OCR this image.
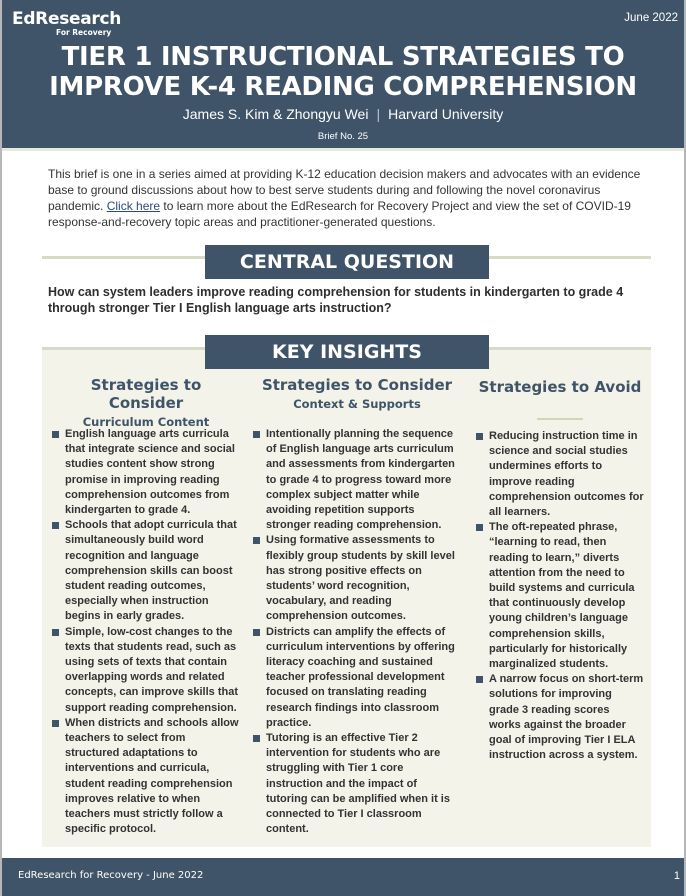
EdResearch
For Recovery
June 2022
TIER 1 INSTRUCTIONAL STRATEGIES TO
IMPROVE K-4 READING COMPREHENSION
James S. Kim & Zhongyu Wei | Harvard University
Brief No. 25
This brief is one in a series aimed at providing K-12 education decision makers and advocates with an evidence base to ground discussions about how to best serve students during and following the novel coronavirus pandemic. Click here to learn more about the EdResearch for Recovery Project and view the set of COVID-19 response-and-recovery topic areas and practitioner-generated questions.
CENTRAL QUESTION
How can system leaders improve reading comprehension for students in kindergarten to grade 4 through stronger Tier I English language arts instruction?
KEY INSIGHTS
Strategies to Consider
Curriculum Content
English language arts curricula that integrate science and social studies content show strong promise in improving reading comprehension outcomes from kindergarten to grade 4.
Schools that adopt curricula that simultaneously build word recognition and language comprehension skills can boost student reading outcomes, especially when instruction begins in early grades.
Simple, low-cost changes to the texts that students read, such as using sets of texts that contain overlapping words and related concepts, can improve skills that support reading comprehension.
When districts and schools allow teachers to select from structured adaptations to interventions and curricula, student reading comprehension improves relative to when teachers must strictly follow a specific protocol.
Strategies to Consider
Context & Supports
Intentionally planning the sequence of English language arts curriculum and assessments from kindergarten to grade 4 to progress toward more complex subject matter while avoiding repetition supports stronger reading comprehension.
Using formative assessments to flexibly group students by skill level has strong positive effects on students’ word recognition, vocabulary, and reading comprehension outcomes.
Districts can amplify the effects of curriculum interventions by offering literacy coaching and sustained teacher professional development focused on translating reading research findings into classroom practice.
Tutoring is an effective Tier 2 intervention for students who are struggling with Tier 1 core instruction and the impact of tutoring can be amplified when it is connected to Tier I classroom content.
Strategies to Avoid
Reducing instruction time in science and social studies undermines efforts to improve reading comprehension outcomes for all learners.
The oft-repeated phrase, “learning to read, then reading to learn,” diverts attention from the need to build systems and curricula that continuously develop young children’s language comprehension skills, particularly for historically marginalized students.
A narrow focus on short-term solutions for improving grade 3 reading scores works against the broader goal of improving Tier I ELA instruction across a system.
EdResearch for Recovery - June 2022	1
